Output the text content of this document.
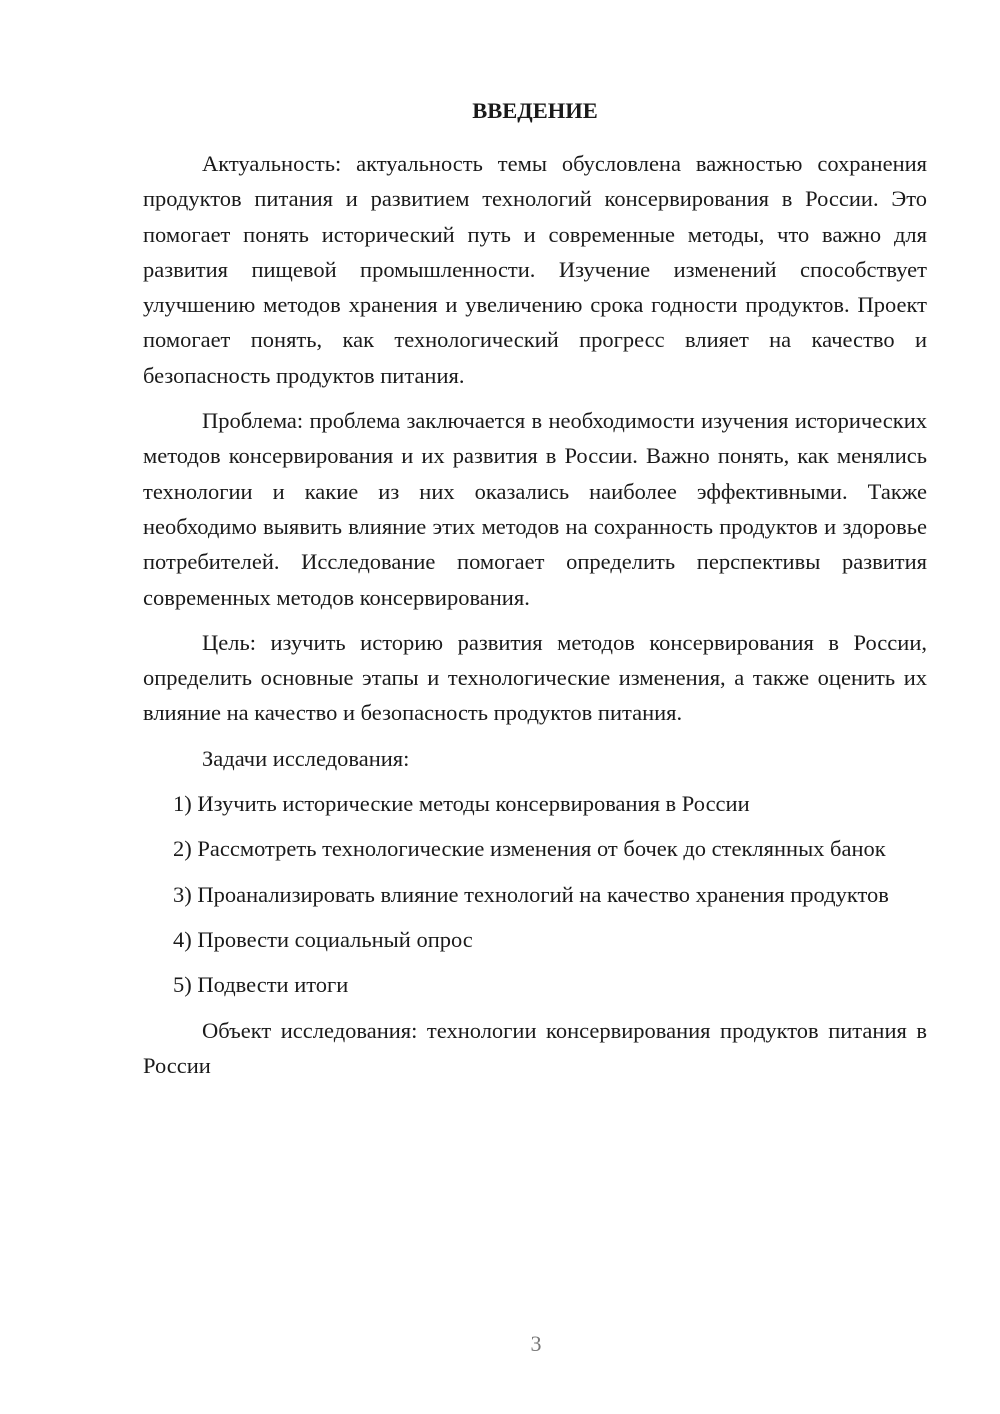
ВВЕДЕНИЕ

Актуальность: актуальность темы обусловлена важностью сохранения продуктов питания и развитием технологий консервирования в России. Это помогает понять исторический путь и современные методы, что важно для развития пищевой промышленности. Изучение изменений способствует улучшению методов хранения и увеличению срока годности продуктов. Проект помогает понять, как технологический прогресс влияет на качество и безопасность продуктов питания.

Проблема: проблема заключается в необходимости изучения исторических методов консервирования и их развития в России. Важно понять, как менялись технологии и какие из них оказались наиболее эффективными. Также необходимо выявить влияние этих методов на сохранность продуктов и здоровье потребителей. Исследование помогает определить перспективы развития современных методов консервирования.

Цель: изучить историю развития методов консервирования в России, определить основные этапы и технологические изменения, а также оценить их влияние на качество и безопасность продуктов питания.

Задачи исследования:

1) Изучить исторические методы консервирования в России

2) Рассмотреть технологические изменения от бочек до стеклянных банок

3) Проанализировать влияние технологий на качество хранения продуктов

4) Провести социальный опрос

5) Подвести итоги

Объект исследования: технологии консервирования продуктов питания в России

3
